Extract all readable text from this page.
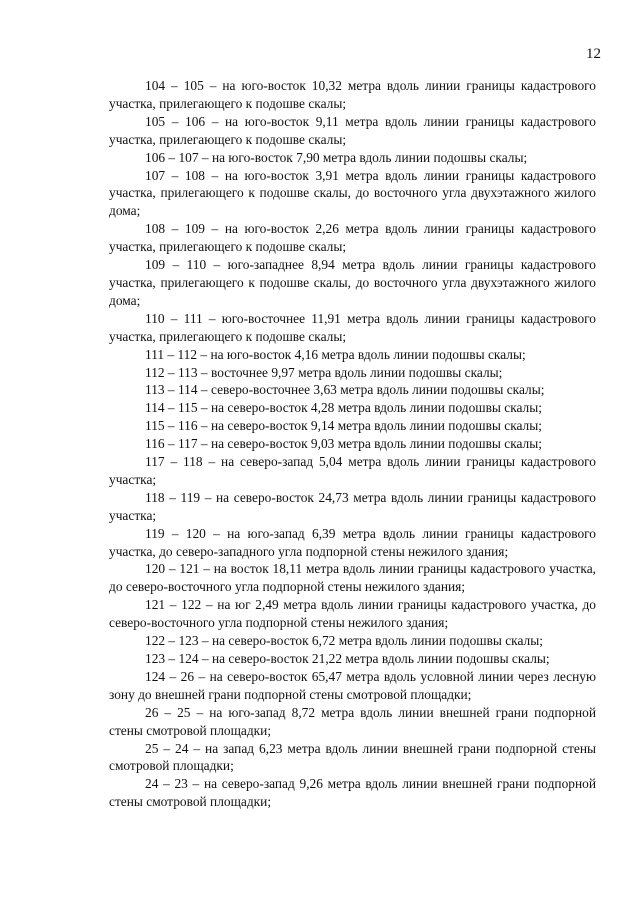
12

104 – 105 – на юго-восток 10,32 метра вдоль линии границы кадастрового участка, прилегающего к подошве скалы;

105 – 106 – на юго-восток 9,11 метра вдоль линии границы кадастрового участка, прилегающего к подошве скалы;

106 – 107 – на юго-восток 7,90 метра вдоль линии подошвы скалы;

107 – 108 – на юго-восток 3,91 метра вдоль линии границы кадастрового участка, прилегающего к подошве скалы, до восточного угла двухэтажного жилого дома;

108 – 109 – на юго-восток 2,26 метра вдоль линии границы кадастрового участка, прилегающего к подошве скалы;

109 – 110 – юго-западнее 8,94 метра вдоль линии границы кадастрового участка, прилегающего к подошве скалы, до восточного угла двухэтажного жилого дома;

110 – 111 – юго-восточнее 11,91 метра вдоль линии границы кадастрового участка, прилегающего к подошве скалы;

111 – 112 – на юго-восток 4,16 метра вдоль линии подошвы скалы;

112 – 113 – восточнее 9,97 метра вдоль линии подошвы скалы;

113 – 114 – северо-восточнее 3,63 метра вдоль линии подошвы скалы;

114 – 115 – на северо-восток 4,28 метра вдоль линии подошвы скалы;

115 – 116 – на северо-восток 9,14 метра вдоль линии подошвы скалы;

116 – 117 – на северо-восток 9,03 метра вдоль линии подошвы скалы;

117 – 118 – на северо-запад 5,04 метра вдоль линии границы кадастрового участка;

118 – 119 – на северо-восток 24,73 метра вдоль линии границы кадастрового участка;

119 – 120 – на юго-запад 6,39 метра вдоль линии границы кадастрового участка, до северо-западного угла подпорной стены нежилого здания;

120 – 121 – на восток 18,11 метра вдоль линии границы кадастрового участка, до северо-восточного угла подпорной стены нежилого здания;

121 – 122 – на юг 2,49 метра вдоль линии границы кадастрового участка, до северо-восточного угла подпорной стены нежилого здания;

122 – 123 – на северо-восток 6,72 метра вдоль линии подошвы скалы;

123 – 124 – на северо-восток 21,22 метра вдоль линии подошвы скалы;

124 – 26 – на северо-восток 65,47 метра вдоль условной линии через лесную зону до внешней грани подпорной стены смотровой площадки;

26 – 25 – на юго-запад 8,72 метра вдоль линии внешней грани подпорной стены смотровой площадки;

25 – 24 – на запад 6,23 метра вдоль линии внешней грани подпорной стены смотровой площадки;

24 – 23 – на северо-запад 9,26 метра вдоль линии внешней грани подпорной стены смотровой площадки;
